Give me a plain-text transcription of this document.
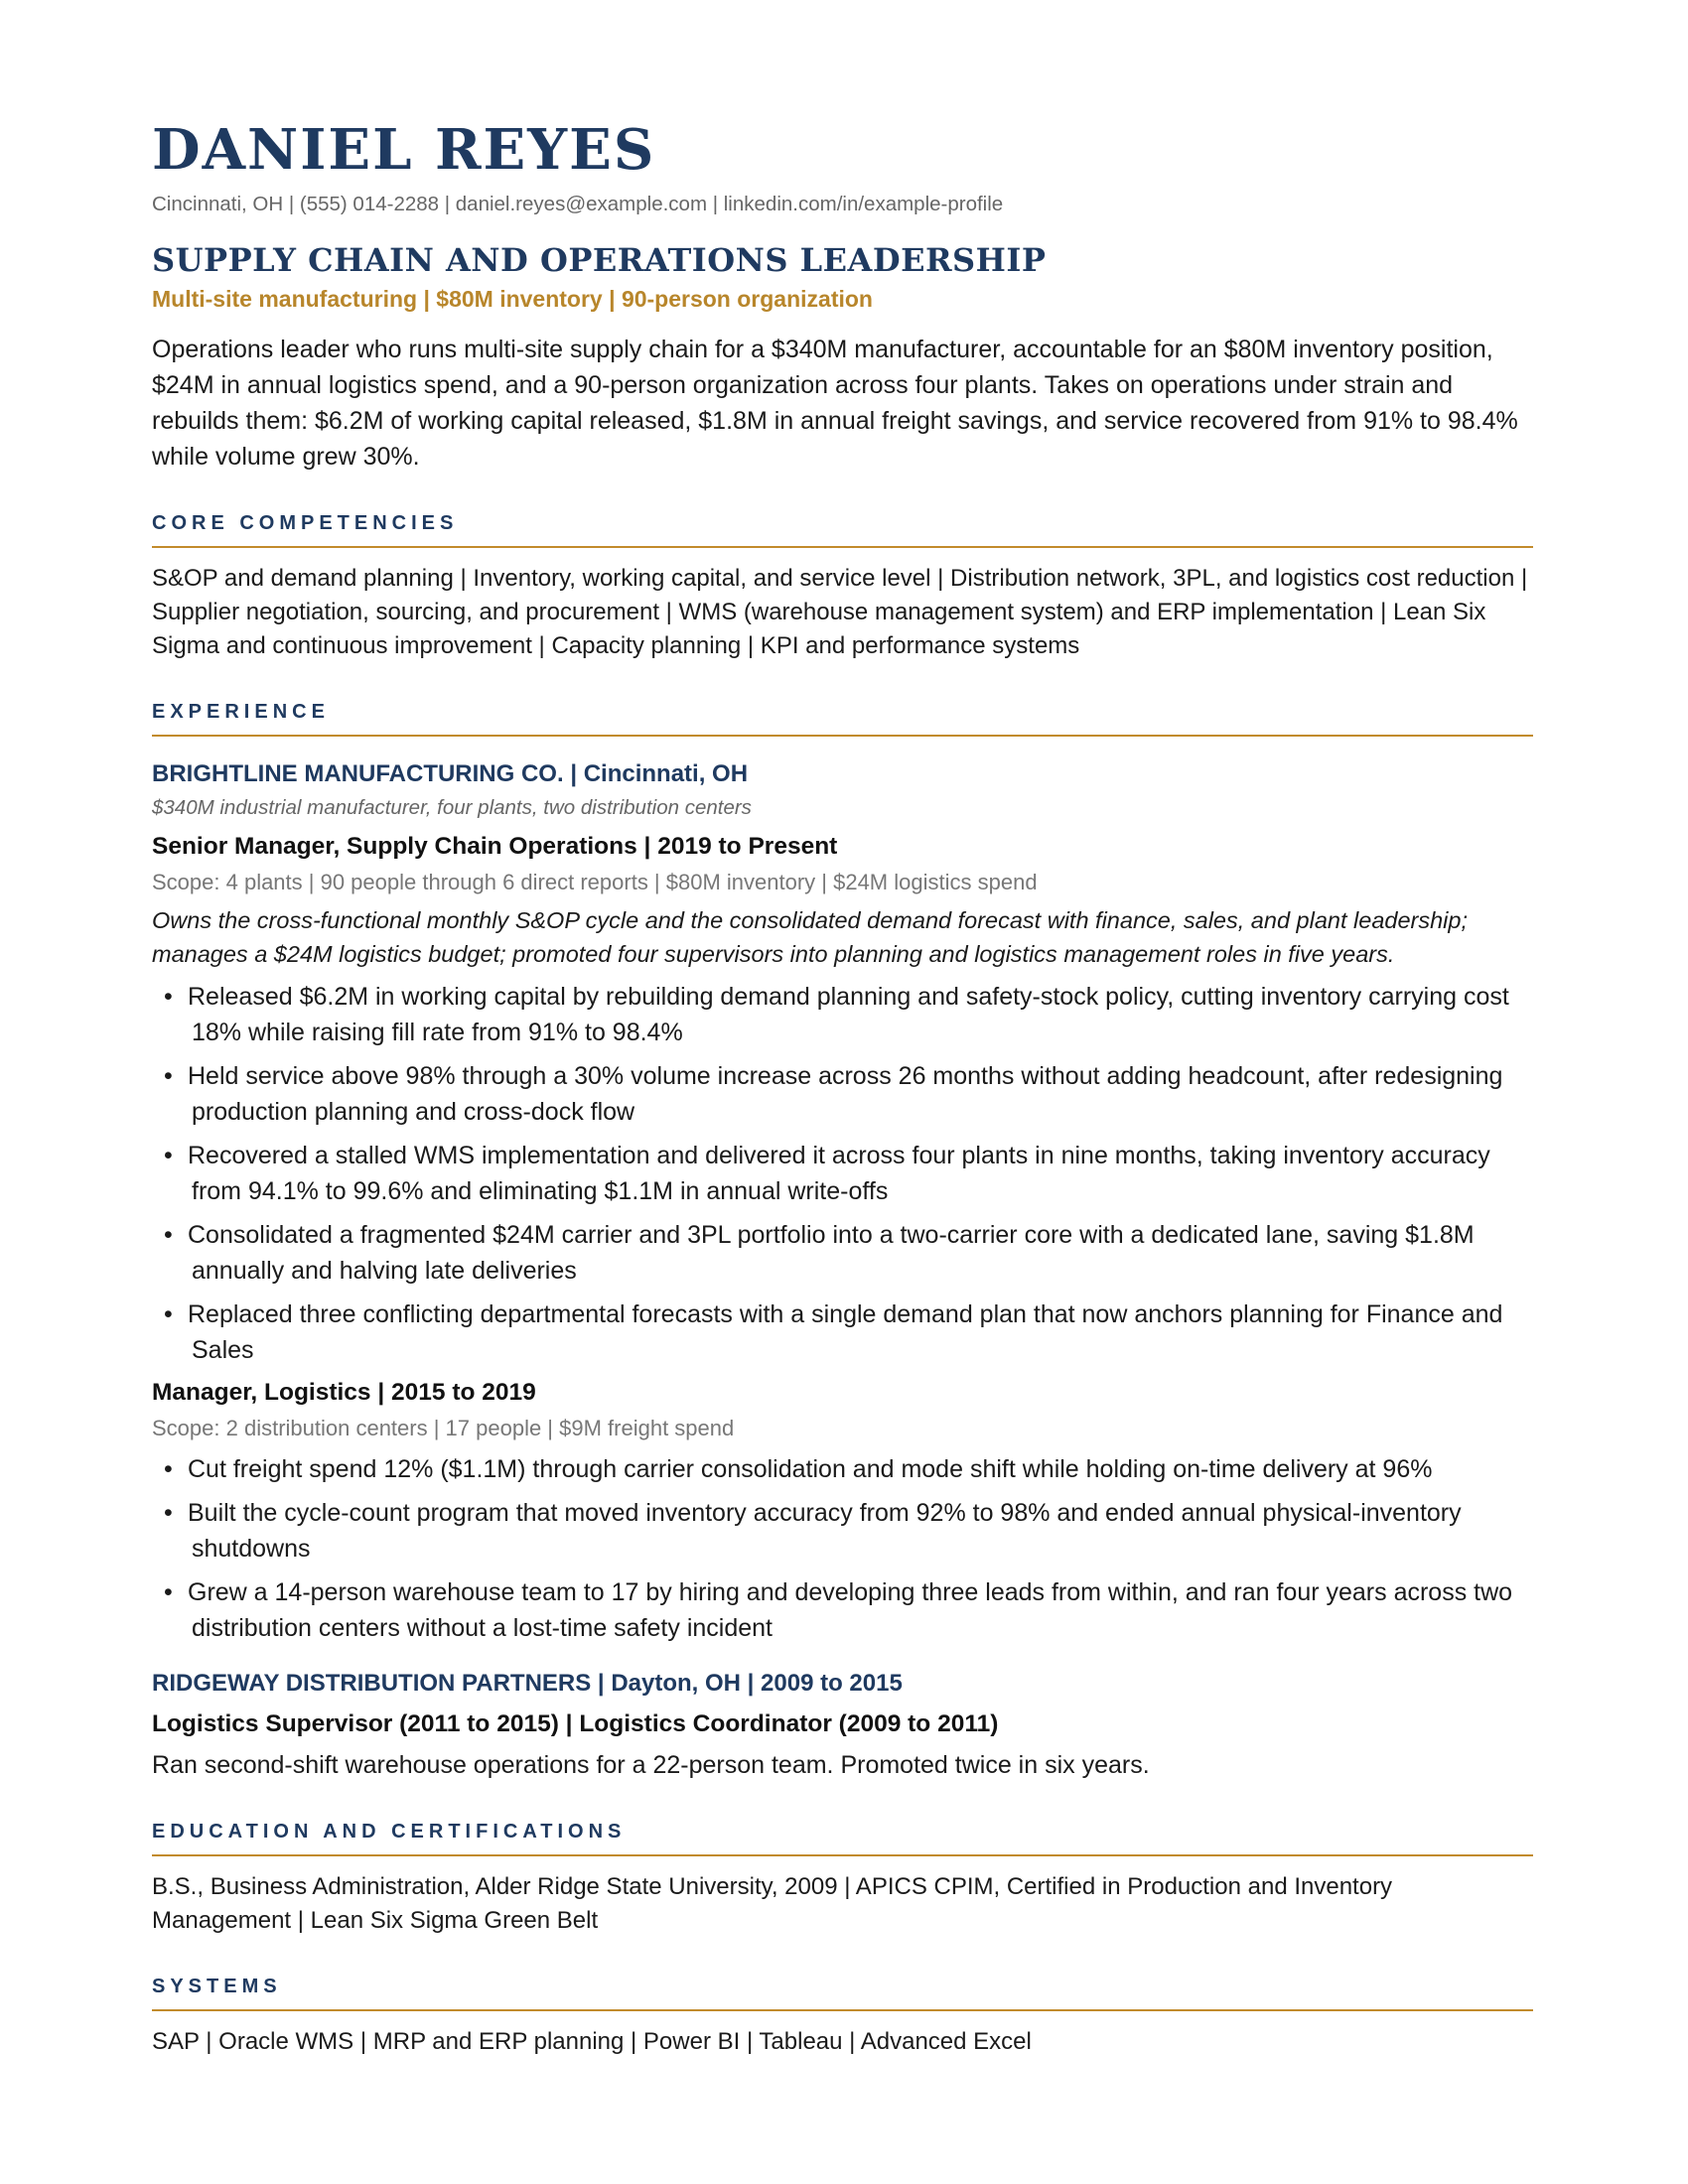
DANIEL REYES
Cincinnati, OH | (555) 014-2288 | daniel.reyes@example.com | linkedin.com/in/example-profile
SUPPLY CHAIN AND OPERATIONS LEADERSHIP
Multi-site manufacturing | $80M inventory | 90-person organization
Operations leader who runs multi-site supply chain for a $340M manufacturer, accountable for an $80M inventory position, $24M in annual logistics spend, and a 90-person organization across four plants. Takes on operations under strain and rebuilds them: $6.2M of working capital released, $1.8M in annual freight savings, and service recovered from 91% to 98.4% while volume grew 30%.
CORE COMPETENCIES
S&OP and demand planning | Inventory, working capital, and service level | Distribution network, 3PL, and logistics cost reduction | Supplier negotiation, sourcing, and procurement | WMS (warehouse management system) and ERP implementation | Lean Six Sigma and continuous improvement | Capacity planning | KPI and performance systems
EXPERIENCE
BRIGHTLINE MANUFACTURING CO. | Cincinnati, OH
$340M industrial manufacturer, four plants, two distribution centers
Senior Manager, Supply Chain Operations | 2019 to Present
Scope: 4 plants | 90 people through 6 direct reports | $80M inventory | $24M logistics spend
Owns the cross-functional monthly S&OP cycle and the consolidated demand forecast with finance, sales, and plant leadership; manages a $24M logistics budget; promoted four supervisors into planning and logistics management roles in five years.
• Released $6.2M in working capital by rebuilding demand planning and safety-stock policy, cutting inventory carrying cost 18% while raising fill rate from 91% to 98.4%
• Held service above 98% through a 30% volume increase across 26 months without adding headcount, after redesigning production planning and cross-dock flow
• Recovered a stalled WMS implementation and delivered it across four plants in nine months, taking inventory accuracy from 94.1% to 99.6% and eliminating $1.1M in annual write-offs
• Consolidated a fragmented $24M carrier and 3PL portfolio into a two-carrier core with a dedicated lane, saving $1.8M annually and halving late deliveries
• Replaced three conflicting departmental forecasts with a single demand plan that now anchors planning for Finance and Sales
Manager, Logistics | 2015 to 2019
Scope: 2 distribution centers | 17 people | $9M freight spend
• Cut freight spend 12% ($1.1M) through carrier consolidation and mode shift while holding on-time delivery at 96%
• Built the cycle-count program that moved inventory accuracy from 92% to 98% and ended annual physical-inventory shutdowns
• Grew a 14-person warehouse team to 17 by hiring and developing three leads from within, and ran four years across two distribution centers without a lost-time safety incident
RIDGEWAY DISTRIBUTION PARTNERS | Dayton, OH | 2009 to 2015
Logistics Supervisor (2011 to 2015) | Logistics Coordinator (2009 to 2011)
Ran second-shift warehouse operations for a 22-person team. Promoted twice in six years.
EDUCATION AND CERTIFICATIONS
B.S., Business Administration, Alder Ridge State University, 2009 | APICS CPIM, Certified in Production and Inventory Management | Lean Six Sigma Green Belt
SYSTEMS
SAP | Oracle WMS | MRP and ERP planning | Power BI | Tableau | Advanced Excel
